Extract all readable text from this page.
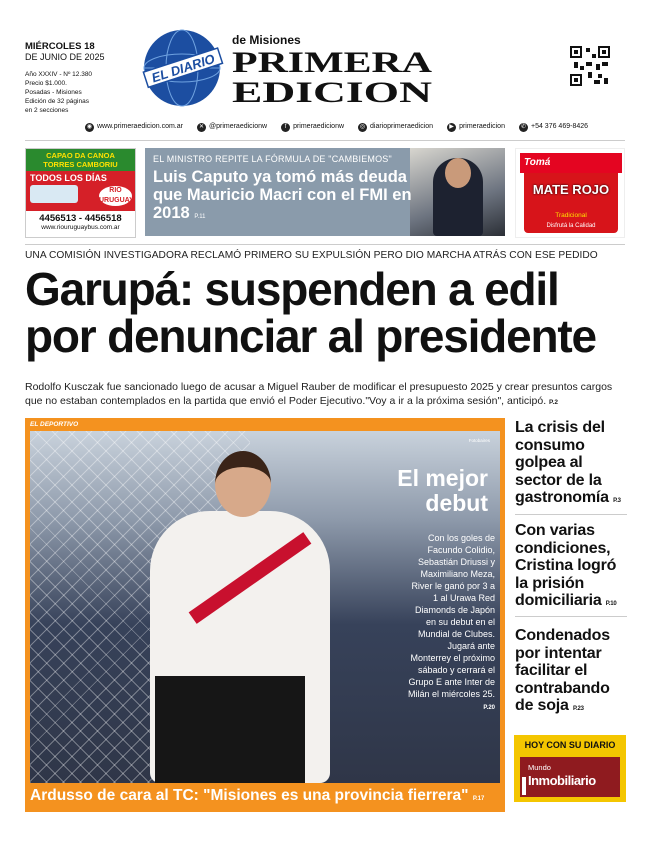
MIÉRCOLES 18
DE JUNIO DE 2025
Año XXXIV - Nº 12.380
Precio $1.000.
Posadas - Misiones
Edición de 32 páginas
en 2 secciones
EL DIARIO
de Misiones
PRIMERA
EDICION
◉ www.primeraedicion.com.ar	✕ @primeraedicionw	f primeraedicionw	◎ diarioprimeraedicion	▶ primeraedicion	✆ +54 376 469-8426
CAPAO DA CANOA
TORRES CAMBORIU
TODOS LOS DÍAS
RIO URUGUAY
4456513 - 4456518
www.riouruguaybus.com.ar
EL MINISTRO REPITE LA FÓRMULA DE "CAMBIEMOS"
Luis Caputo ya tomó más deuda que Mauricio Macri con el FMI en 2018 P.11
Tomá
MATE ROJO
Tradicional
Disfrutá la Calidad
UNA COMISIÓN INVESTIGADORA RECLAMÓ PRIMERO SU EXPULSIÓN PERO DIO MARCHA ATRÁS CON ESE PEDIDO
Garupá: suspenden a edil por denunciar al presidente
Rodolfo Kusczak fue sancionado luego de acusar a Miguel Rauber de modificar el presupuesto 2025 y crear presuntos cargos que no estaban contemplados en la partida que envió el Poder Ejecutivo."Voy a ir a la próxima sesión", anticipó. P.2
EL DEPORTIVO
Fotobaires
El mejor debut
Con los goles de Facundo Colidio, Sebastián Driussi y Maximiliano Meza, River le ganó por 3 a 1 al Urawa Red Diamonds de Japón en su debut en el Mundial de Clubes. Jugará ante Monterrey el próximo sábado y cerrará el Grupo E ante Inter de Milán el miércoles 25. P.20
Ardusso de cara al TC: "Misiones es una provincia fierrera" P.17
La crisis del consumo golpea al sector de la gastronomía P.3
Con varias condiciones, Cristina logró la prisión domiciliaria P.10
Condenados por intentar facilitar el contrabando de soja P.23
HOY CON SU DIARIO
Mundo
Inmobiliario
